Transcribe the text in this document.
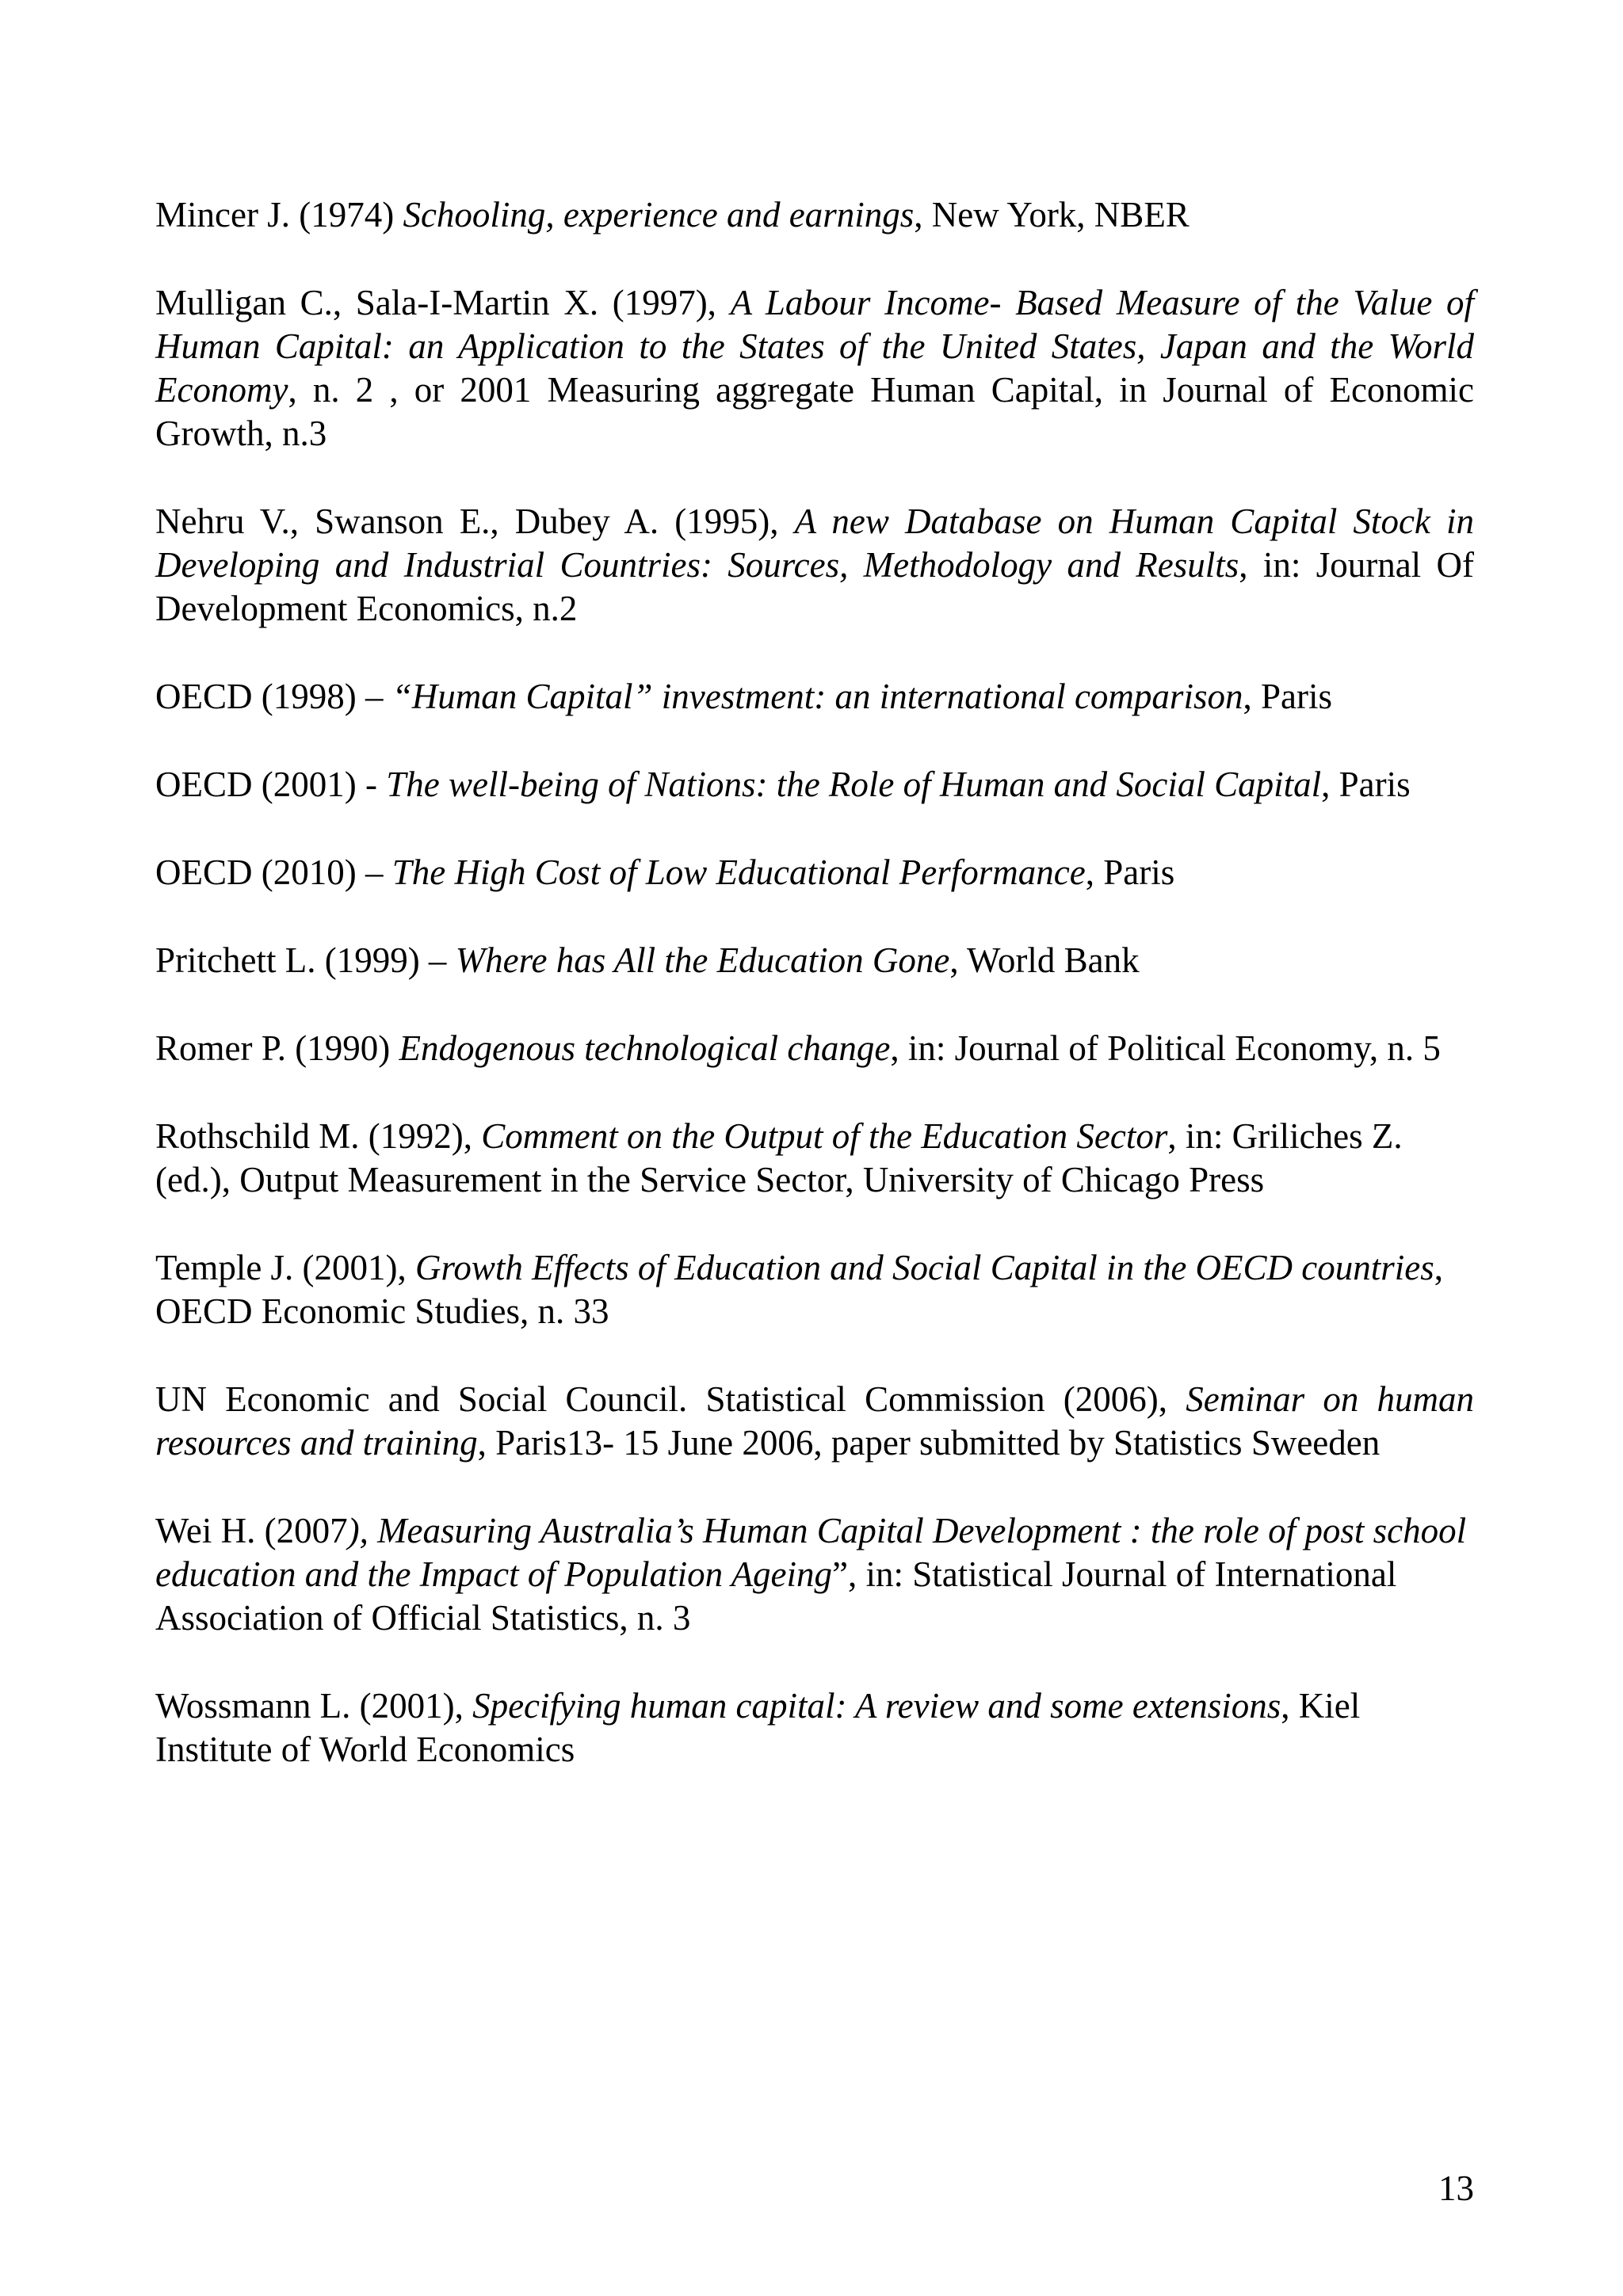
Mincer J. (1974) Schooling, experience and earnings, New York, NBER

Mulligan C., Sala-I-Martin X. (1997), A Labour Income- Based Measure of the Value of Human Capital: an Application to the States of the United States, Japan and the World Economy, n. 2 , or 2001 Measuring aggregate Human Capital, in Journal of Economic Growth, n.3

Nehru V., Swanson E., Dubey A. (1995), A new Database on Human Capital Stock in Developing and Industrial Countries: Sources, Methodology and Results, in: Journal Of Development Economics, n.2

OECD (1998) – “Human Capital” investment: an international comparison, Paris

OECD (2001) - The well-being of Nations: the Role of Human and Social Capital, Paris

OECD (2010) – The High Cost of Low Educational Performance, Paris

Pritchett L. (1999) – Where has All the Education Gone, World Bank

Romer P. (1990) Endogenous technological change, in: Journal of Political Economy, n. 5

Rothschild M. (1992), Comment on the Output of the Education Sector, in: Griliches Z. (ed.), Output Measurement in the Service Sector, University of Chicago Press

Temple J. (2001), Growth Effects of Education and Social Capital in the OECD countries, OECD Economic Studies, n. 33

UN Economic and Social Council. Statistical Commission (2006), Seminar on human resources and training, Paris13- 15 June 2006, paper submitted by Statistics Sweeden

Wei H. (2007), Measuring Australia’s Human Capital Development : the role of post school education and the Impact of Population Ageing”, in: Statistical Journal of International Association of Official Statistics, n. 3

Wossmann L. (2001), Specifying human capital: A review and some extensions, Kiel Institute of World Economics

13
